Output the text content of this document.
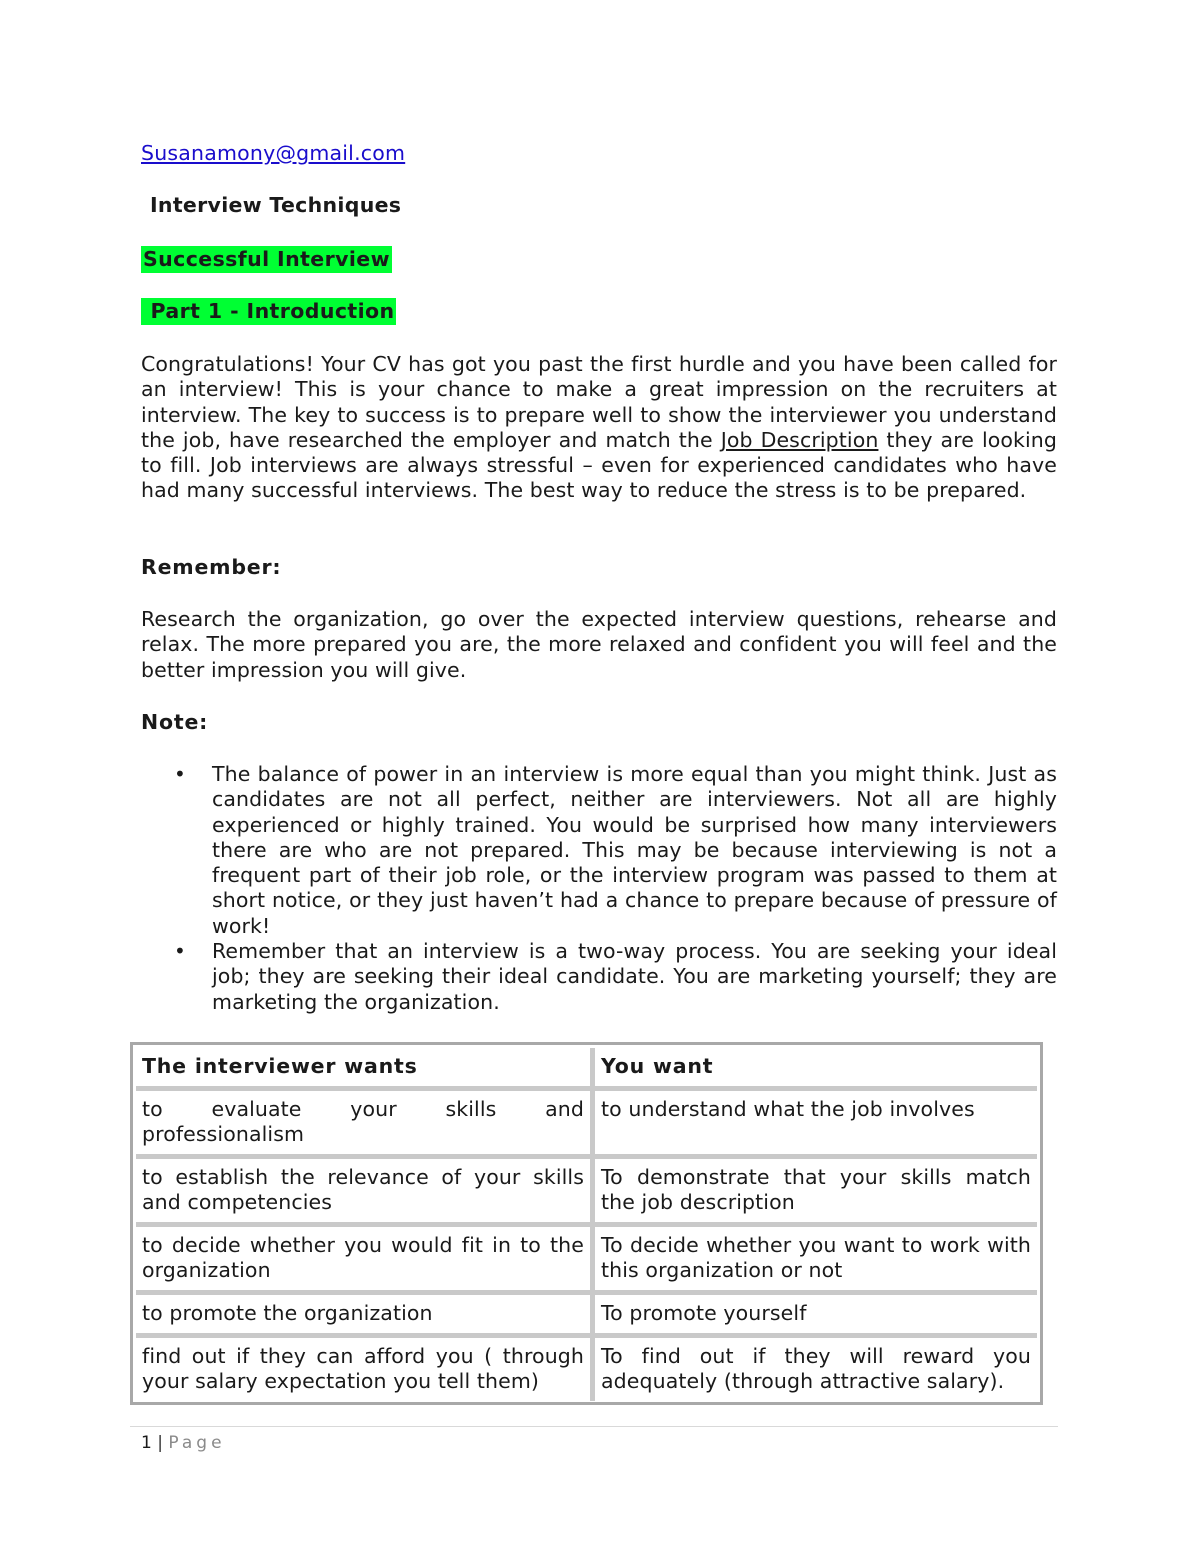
Susanamony@gmail.com
Interview Techniques
Successful Interview
Part 1 - Introduction

Congratulations! Your CV has got you past the first hurdle and you have been called for an interview! This is your chance to make a great impression on the recruiters at interview. The key to success is to prepare well to show the interviewer you understand the job, have researched the employer and match the Job Description they are looking to fill. Job interviews are always stressful – even for experienced candidates who have had many successful interviews. The best way to reduce the stress is to be prepared.

Remember:

Research the organization, go over the expected interview questions, rehearse and relax. The more prepared you are, the more relaxed and confident you will feel and the better impression you will give.

Note:
• The balance of power in an interview is more equal than you might think. Just as candidates are not all perfect, neither are interviewers. Not all are highly experienced or highly trained. You would be surprised how many interviewers there are who are not prepared. This may be because interviewing is not a frequent part of their job role, or the interview program was passed to them at short notice, or they just haven’t had a chance to prepare because of pressure of work!
• Remember that an interview is a two-way process. You are seeking your ideal job; they are seeking their ideal candidate. You are marketing yourself; they are marketing the organization.
The interviewer wants	You want
to evaluate your skills and professionalism	to understand what the job involves
to establish the relevance of your skills and competencies	To demonstrate that your skills match the job description
to decide whether you would fit in to the organization	To decide whether you want to work with this organization or not
to promote the organization	To promote yourself
find out if they can afford you ( through your salary expectation you tell them)	To find out if they will reward you adequately (through attractive salary).
1 | Page
